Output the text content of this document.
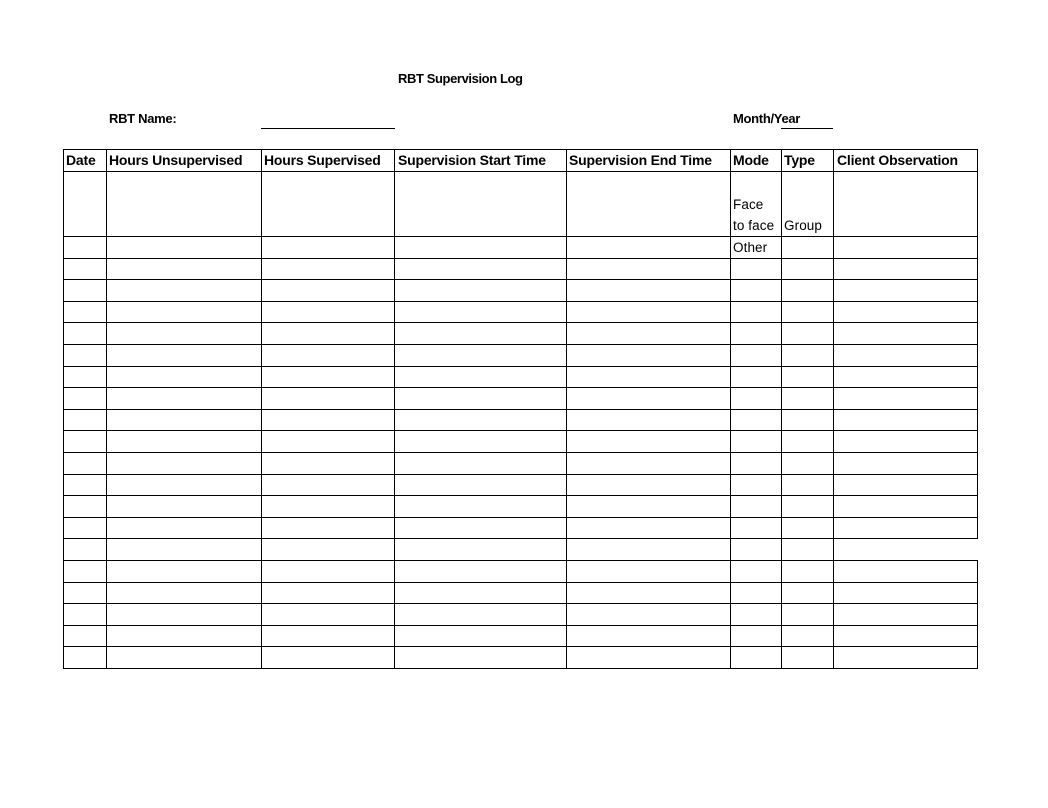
RBT Supervision Log
RBT Name:	Month/Year
Date Hours Unsupervised Hours Supervised Supervision Start Time Supervision End Time Mode Type Client Observation
Face
to face Group
Other
